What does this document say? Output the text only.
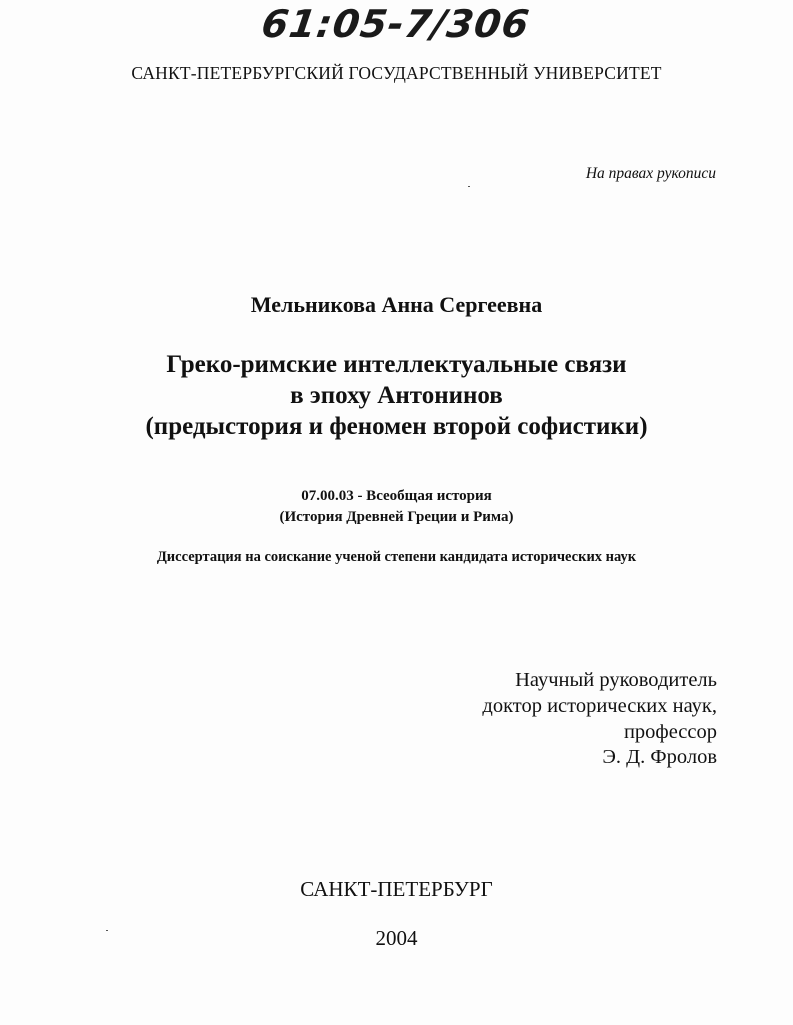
61:05-7/306
САНКТ-ПЕТЕРБУРГСКИЙ ГОСУДАРСТВЕННЫЙ УНИВЕРСИТЕТ
На правах рукописи
Мельникова Анна Сергеевна
Греко-римские интеллектуальные связи
в эпоху Антонинов
(предыстория и феномен второй софистики)
07.00.03 - Всеобщая история
(История Древней Греции и Рима)
Диссертация на соискание ученой степени кандидата исторических наук
Научный руководитель
доктор исторических наук,
профессор
Э. Д. Фролов
САНКТ-ПЕТЕРБУРГ
2004
